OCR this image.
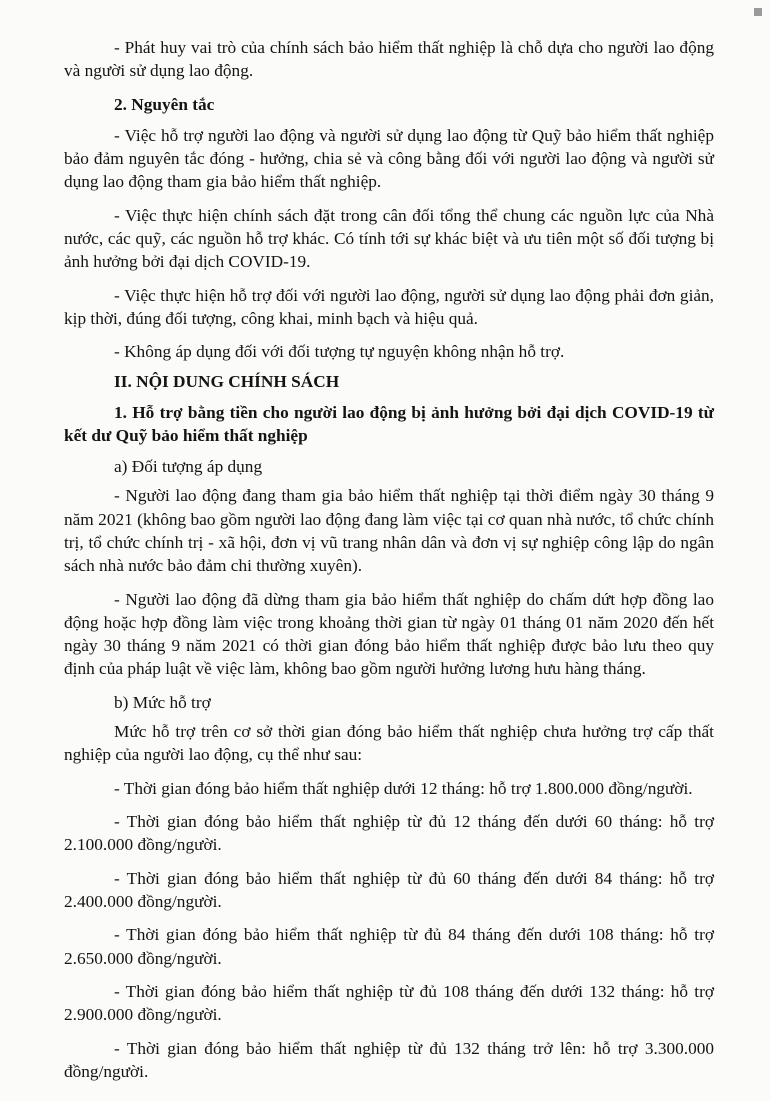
- Phát huy vai trò của chính sách bảo hiểm thất nghiệp là chỗ dựa cho người lao động và người sử dụng lao động.

2. Nguyên tắc

- Việc hỗ trợ người lao động và người sử dụng lao động từ Quỹ bảo hiểm thất nghiệp bảo đảm nguyên tắc đóng - hưởng, chia sẻ và công bằng đối với người lao động và người sử dụng lao động tham gia bảo hiểm thất nghiệp.

- Việc thực hiện chính sách đặt trong cân đối tổng thể chung các nguồn lực của Nhà nước, các quỹ, các nguồn hỗ trợ khác. Có tính tới sự khác biệt và ưu tiên một số đối tượng bị ảnh hưởng bởi đại dịch COVID-19.

- Việc thực hiện hỗ trợ đối với người lao động, người sử dụng lao động phải đơn giản, kịp thời, đúng đối tượng, công khai, minh bạch và hiệu quả.

- Không áp dụng đối với đối tượng tự nguyện không nhận hỗ trợ.

II. NỘI DUNG CHÍNH SÁCH

1. Hỗ trợ bằng tiền cho người lao động bị ảnh hưởng bởi đại dịch COVID-19 từ kết dư Quỹ bảo hiểm thất nghiệp

a) Đối tượng áp dụng

- Người lao động đang tham gia bảo hiểm thất nghiệp tại thời điểm ngày 30 tháng 9 năm 2021 (không bao gồm người lao động đang làm việc tại cơ quan nhà nước, tổ chức chính trị, tổ chức chính trị - xã hội, đơn vị vũ trang nhân dân và đơn vị sự nghiệp công lập do ngân sách nhà nước bảo đảm chi thường xuyên).

- Người lao động đã dừng tham gia bảo hiểm thất nghiệp do chấm dứt hợp đồng lao động hoặc hợp đồng làm việc trong khoảng thời gian từ ngày 01 tháng 01 năm 2020 đến hết ngày 30 tháng 9 năm 2021 có thời gian đóng bảo hiểm thất nghiệp được bảo lưu theo quy định của pháp luật về việc làm, không bao gồm người hưởng lương hưu hàng tháng.

b) Mức hỗ trợ

Mức hỗ trợ trên cơ sở thời gian đóng bảo hiểm thất nghiệp chưa hưởng trợ cấp thất nghiệp của người lao động, cụ thể như sau:

- Thời gian đóng bảo hiểm thất nghiệp dưới 12 tháng: hỗ trợ 1.800.000 đồng/người.

- Thời gian đóng bảo hiểm thất nghiệp từ đủ 12 tháng đến dưới 60 tháng: hỗ trợ 2.100.000 đồng/người.

- Thời gian đóng bảo hiểm thất nghiệp từ đủ 60 tháng đến dưới 84 tháng: hỗ trợ 2.400.000 đồng/người.

- Thời gian đóng bảo hiểm thất nghiệp từ đủ 84 tháng đến dưới 108 tháng: hỗ trợ 2.650.000 đồng/người.

- Thời gian đóng bảo hiểm thất nghiệp từ đủ 108 tháng đến dưới 132 tháng: hỗ trợ 2.900.000 đồng/người.

- Thời gian đóng bảo hiểm thất nghiệp từ đủ 132 tháng trở lên: hỗ trợ 3.300.000 đồng/người.
